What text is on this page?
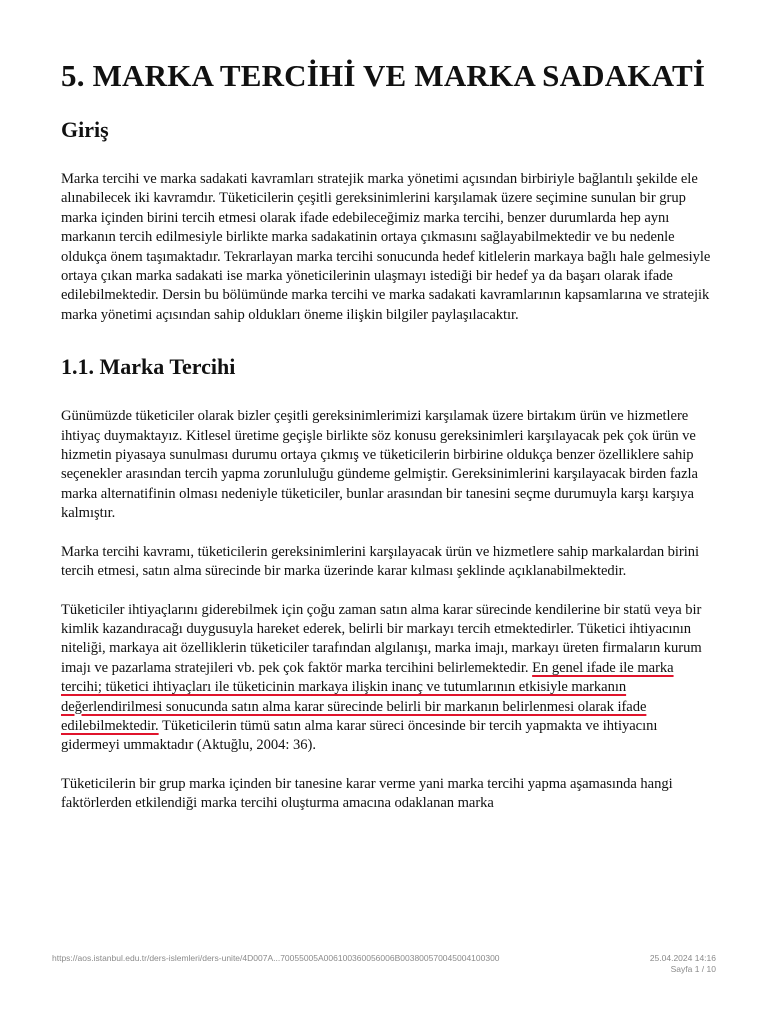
5. MARKA TERCİHİ VE MARKA SADAKATİ
Giriş

Marka tercihi ve marka sadakati kavramları stratejik marka yönetimi açısından birbiriyle bağlantılı şekilde ele alınabilecek iki kavramdır. Tüketicilerin çeşitli gereksinimlerini karşılamak üzere seçimine sunulan bir grup marka içinden birini tercih etmesi olarak ifade edebileceğimiz marka tercihi, benzer durumlarda hep aynı markanın tercih edilmesiyle birlikte marka sadakatinin ortaya çıkmasını sağlayabilmektedir ve bu nedenle oldukça önem taşımaktadır. Tekrarlayan marka tercihi sonucunda hedef kitlelerin markaya bağlı hale gelmesiyle ortaya çıkan marka sadakati ise marka yöneticilerinin ulaşmayı istediği bir hedef ya da başarı olarak ifade edilebilmektedir. Dersin bu bölümünde marka tercihi ve marka sadakati kavramlarının kapsamlarına ve stratejik marka yönetimi açısından sahip oldukları öneme ilişkin bilgiler paylaşılacaktır.

1.1. Marka Tercihi

Günümüzde tüketiciler olarak bizler çeşitli gereksinimlerimizi karşılamak üzere birtakım ürün ve hizmetlere ihtiyaç duymaktayız. Kitlesel üretime geçişle birlikte söz konusu gereksinimleri karşılayacak pek çok ürün ve hizmetin piyasaya sunulması durumu ortaya çıkmış ve tüketicilerin birbirine oldukça benzer özelliklere sahip seçenekler arasından tercih yapma zorunluluğu gündeme gelmiştir. Gereksinimlerini karşılayacak birden fazla marka alternatifinin olması nedeniyle tüketiciler, bunlar arasından bir tanesini seçme durumuyla karşı karşıya kalmıştır.

Marka tercihi kavramı, tüketicilerin gereksinimlerini karşılayacak ürün ve hizmetlere sahip markalardan birini tercih etmesi, satın alma sürecinde bir marka üzerinde karar kılması şeklinde açıklanabilmektedir.

Tüketiciler ihtiyaçlarını giderebilmek için çoğu zaman satın alma karar sürecinde kendilerine bir statü veya bir kimlik kazandıracağı duygusuyla hareket ederek, belirli bir markayı tercih etmektedirler. Tüketici ihtiyacının niteliği, markaya ait özelliklerin tüketiciler tarafından algılanışı, marka imajı, markayı üreten firmaların kurum imajı ve pazarlama stratejileri vb. pek çok faktör marka tercihini belirlemektedir. En genel ifade ile marka tercihi; tüketici ihtiyaçları ile tüketicinin markaya ilişkin inanç ve tutumlarının etkisiyle markanın değerlendirilmesi sonucunda satın alma karar sürecinde belirli bir markanın belirlenmesi olarak ifade edilebilmektedir. Tüketicilerin tümü satın alma karar süreci öncesinde bir tercih yapmakta ve ihtiyacını gidermeyi ummaktadır (Aktuğlu, 2004: 36).

Tüketicilerin bir grup marka içinden bir tanesine karar verme yani marka tercihi yapma aşamasında hangi faktörlerden etkilendiği marka tercihi oluşturma amacına odaklanan marka

https://aos.istanbul.edu.tr/ders-islemleri/ders-unite/4D007A...70055005A006100360056006B003800570045004100300	25.04.2024 14:16
Sayfa 1 / 10
